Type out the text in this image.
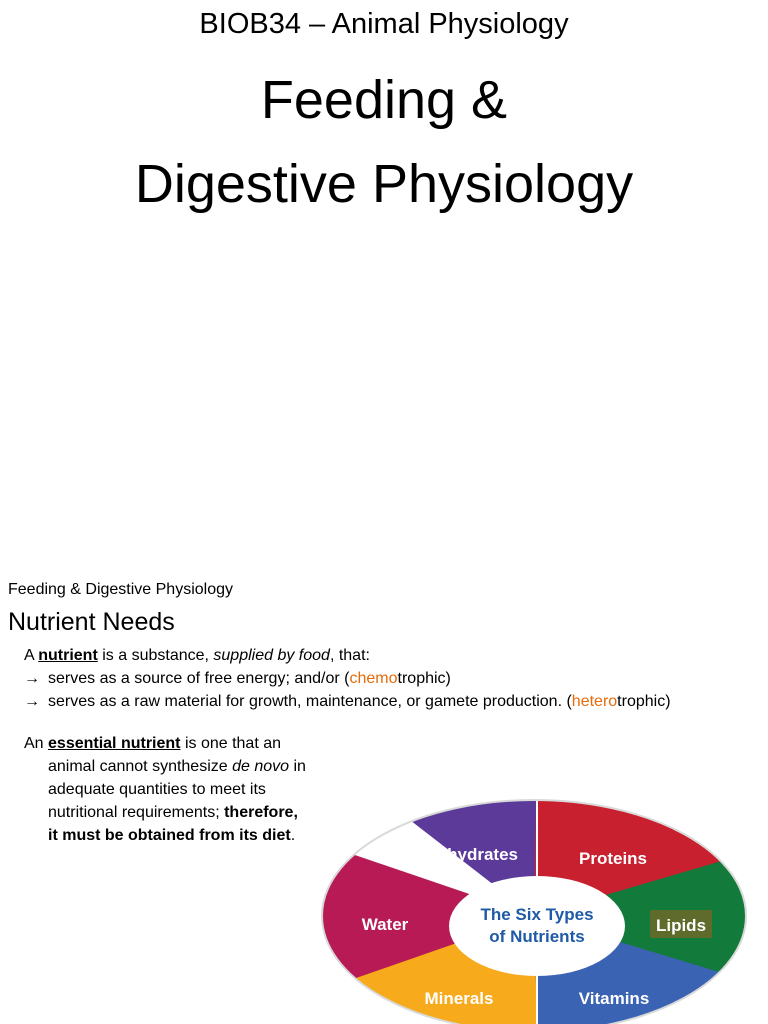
BIOB34 – Animal Physiology
Feeding &
Digestive Physiology
Feeding & Digestive Physiology
Nutrient Needs
A nutrient is a substance, supplied by food, that:
→ serves as a source of free energy; and/or (chemotrophic)
→ serves as a raw material for growth, maintenance, or gamete production. (heterotrophic)
An essential nutrient is one that an
animal cannot synthesize de novo in
adequate quantities to meet its
nutritional requirements; therefore,
it must be obtained from its diet.
The Six Types
of Nutrients
Carbohydrates	Proteins
Lipids
Vitamins
Minerals
Water
